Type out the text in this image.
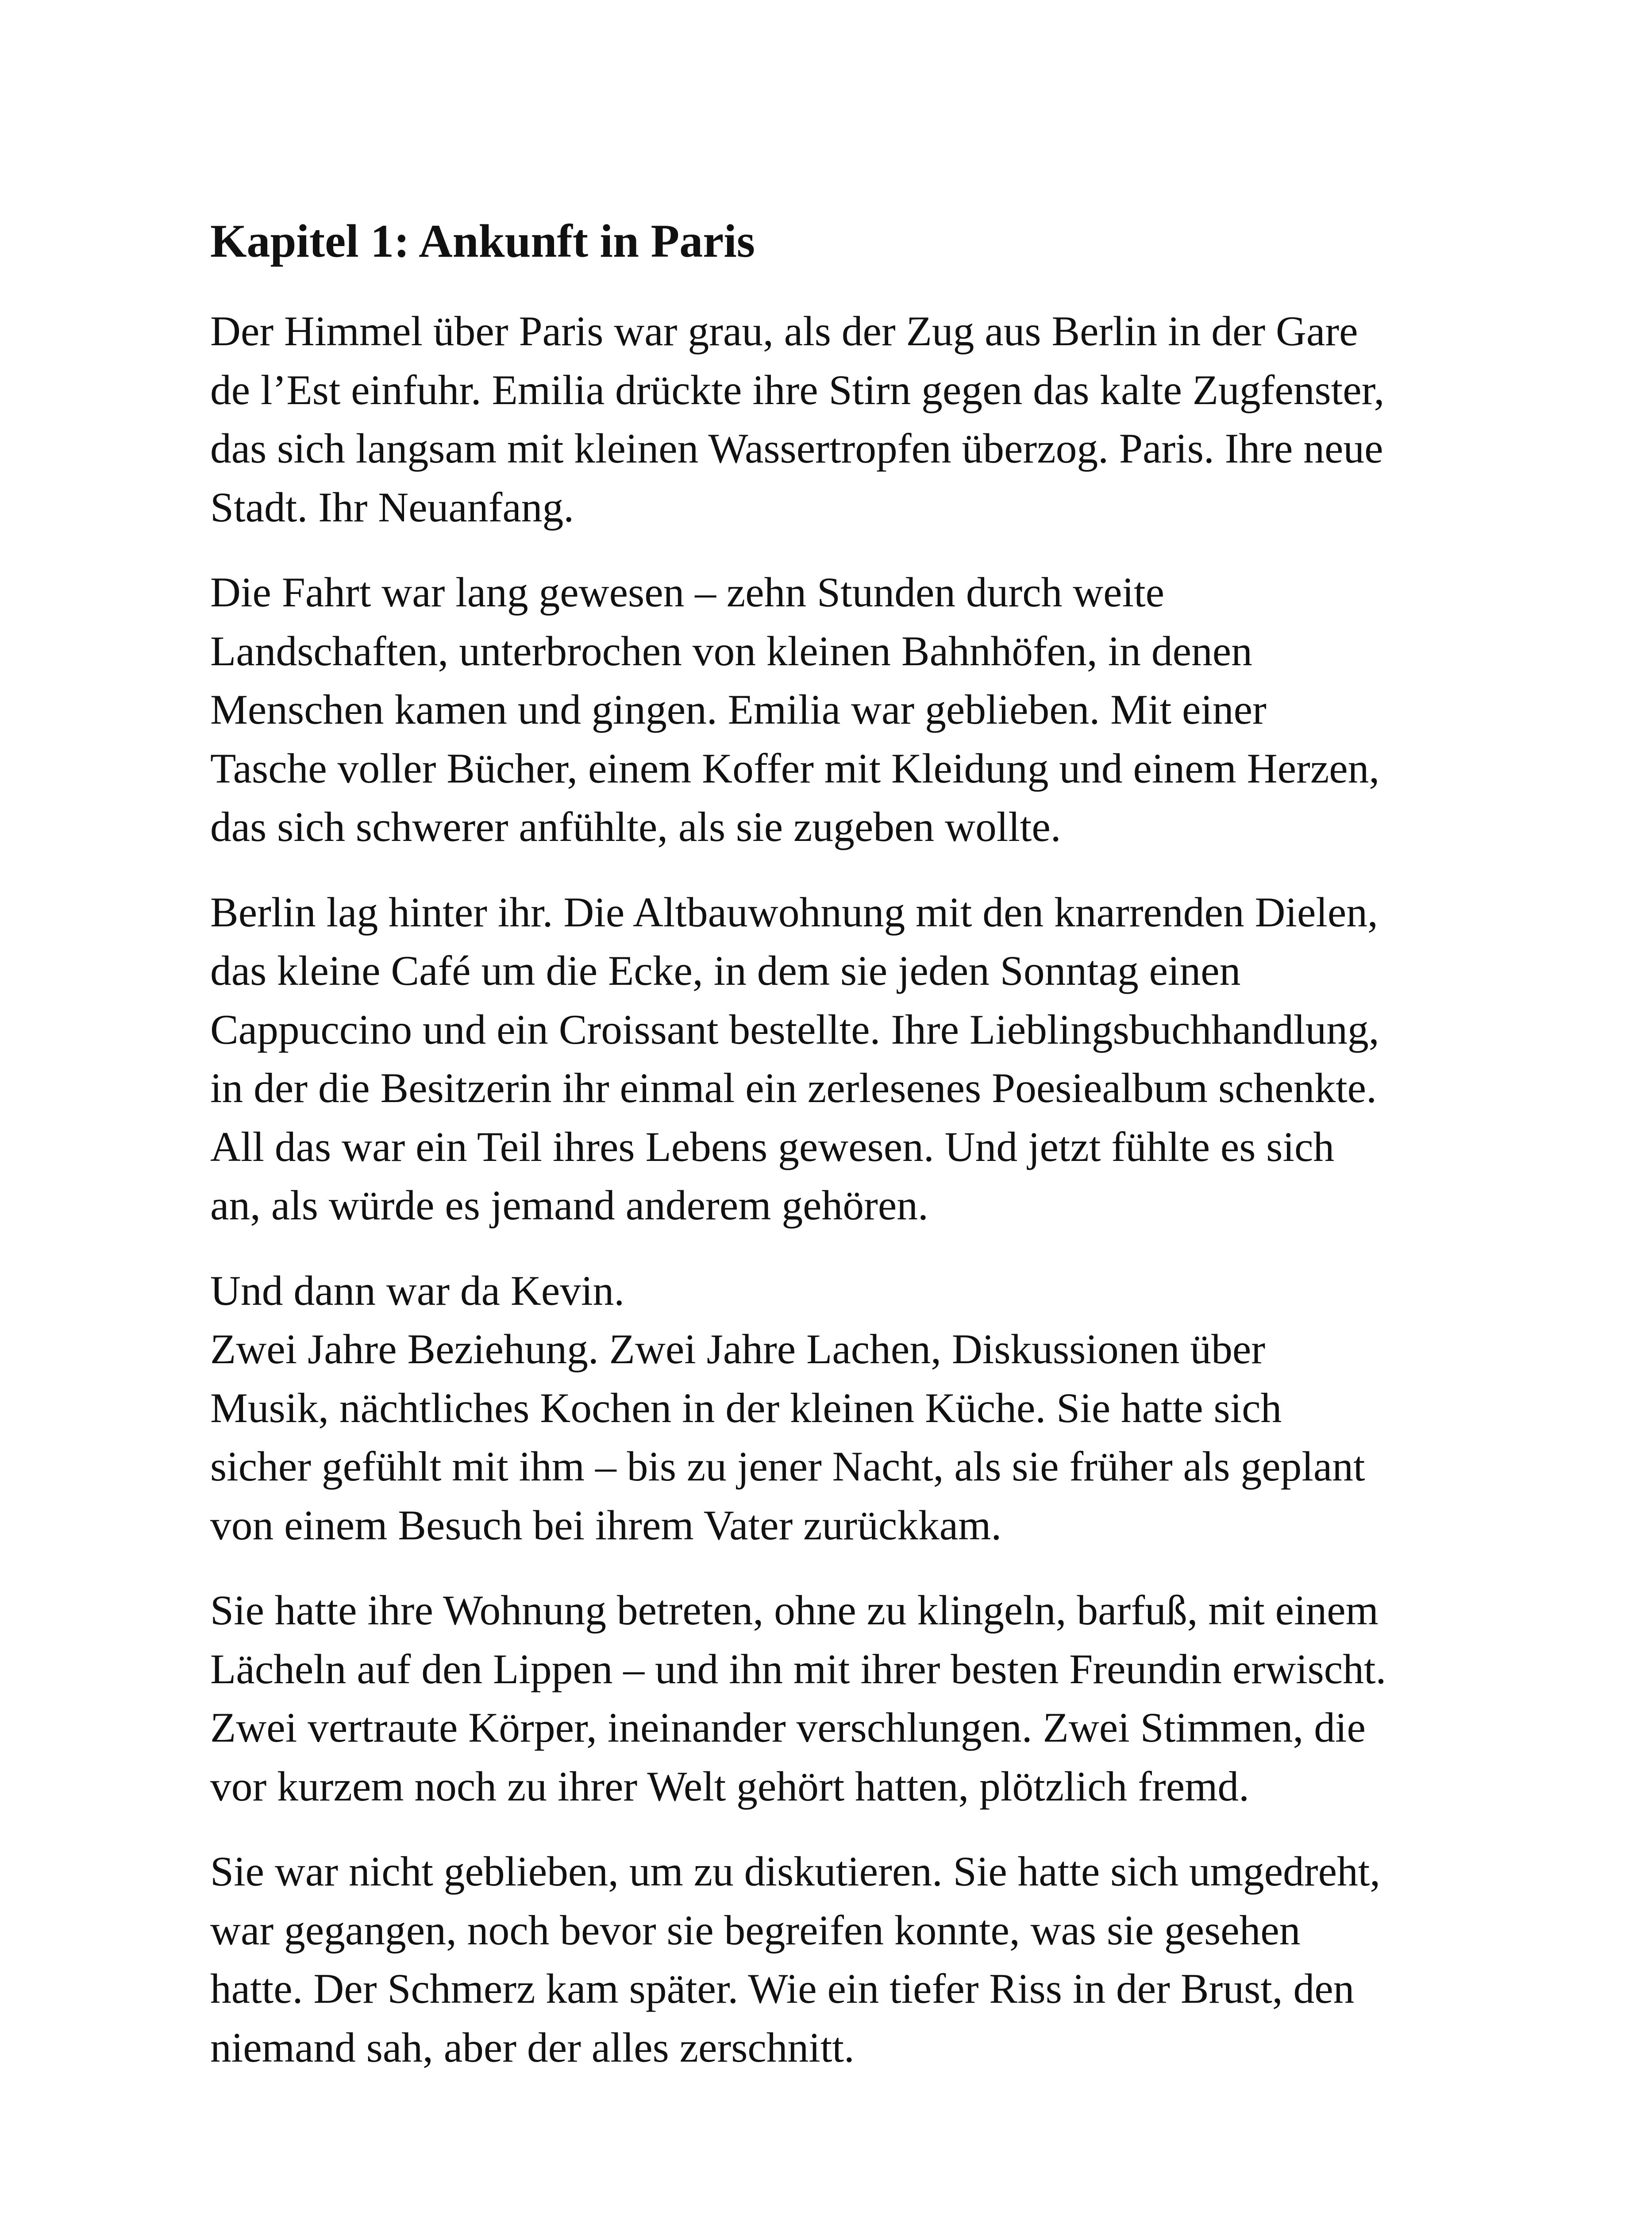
Kapitel 1: Ankunft in Paris

Der Himmel über Paris war grau, als der Zug aus Berlin in der Gare
de l’Est einfuhr. Emilia drückte ihre Stirn gegen das kalte Zugfenster,
das sich langsam mit kleinen Wassertropfen überzog. Paris. Ihre neue
Stadt. Ihr Neuanfang.

Die Fahrt war lang gewesen – zehn Stunden durch weite
Landschaften, unterbrochen von kleinen Bahnhöfen, in denen
Menschen kamen und gingen. Emilia war geblieben. Mit einer
Tasche voller Bücher, einem Koffer mit Kleidung und einem Herzen,
das sich schwerer anfühlte, als sie zugeben wollte.

Berlin lag hinter ihr. Die Altbauwohnung mit den knarrenden Dielen,
das kleine Café um die Ecke, in dem sie jeden Sonntag einen
Cappuccino und ein Croissant bestellte. Ihre Lieblingsbuchhandlung,
in der die Besitzerin ihr einmal ein zerlesenes Poesiealbum schenkte.
All das war ein Teil ihres Lebens gewesen. Und jetzt fühlte es sich
an, als würde es jemand anderem gehören.

Und dann war da Kevin.
Zwei Jahre Beziehung. Zwei Jahre Lachen, Diskussionen über
Musik, nächtliches Kochen in der kleinen Küche. Sie hatte sich
sicher gefühlt mit ihm – bis zu jener Nacht, als sie früher als geplant
von einem Besuch bei ihrem Vater zurückkam.

Sie hatte ihre Wohnung betreten, ohne zu klingeln, barfuß, mit einem
Lächeln auf den Lippen – und ihn mit ihrer besten Freundin erwischt.
Zwei vertraute Körper, ineinander verschlungen. Zwei Stimmen, die
vor kurzem noch zu ihrer Welt gehört hatten, plötzlich fremd.

Sie war nicht geblieben, um zu diskutieren. Sie hatte sich umgedreht,
war gegangen, noch bevor sie begreifen konnte, was sie gesehen
hatte. Der Schmerz kam später. Wie ein tiefer Riss in der Brust, den
niemand sah, aber der alles zerschnitt.
